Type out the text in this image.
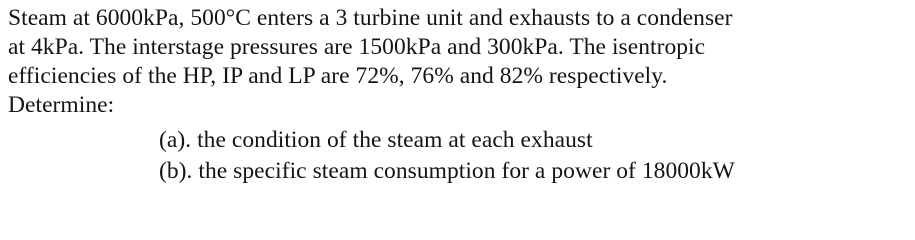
Steam at 6000kPa, 500°C enters a 3 turbine unit and exhausts to a condenser
at 4kPa. The interstage pressures are 1500kPa and 300kPa. The isentropic
efficiencies of the HP, IP and LP are 72%, 76% and 82% respectively.
Determine:
(a). the condition of the steam at each exhaust
(b). the specific steam consumption for a power of 18000kW
